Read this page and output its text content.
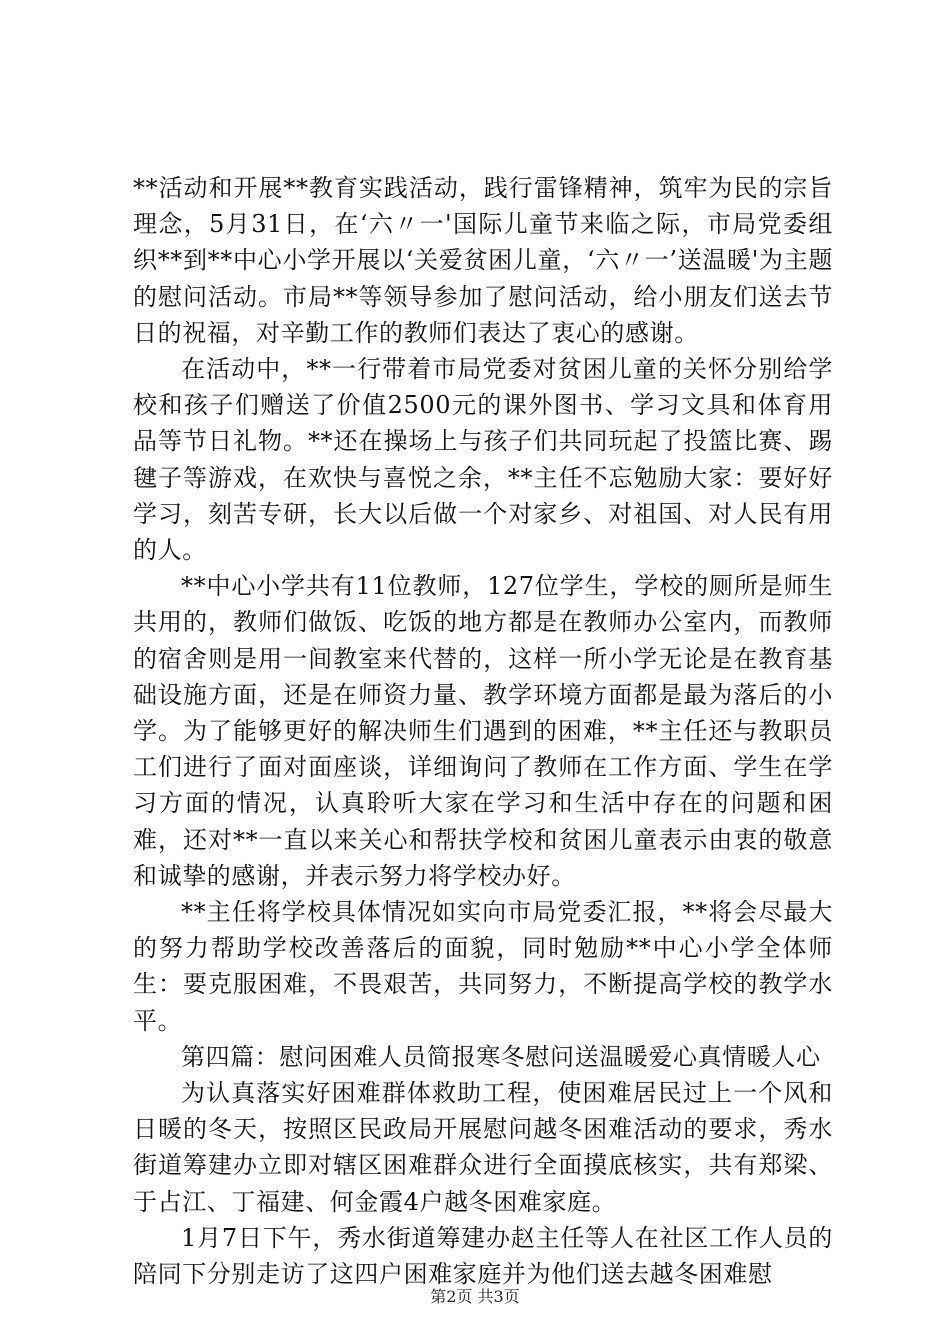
**活动和开展**教育实践活动，践行雷锋精神，筑牢为民的宗旨理念，5月31日，在‘六〃一'国际儿童节来临之际，市局党委组织**到**中心小学开展以‘关爱贫困儿童，‘六〃一’送温暖'为主题的慰问活动。市局**等领导参加了慰问活动，给小朋友们送去节日的祝福，对辛勤工作的教师们表达了衷心的感谢。

在活动中，**一行带着市局党委对贫困儿童的关怀分别给学校和孩子们赠送了价值2500元的课外图书、学习文具和体育用品等节日礼物。**还在操场上与孩子们共同玩起了投篮比赛、踢毽子等游戏，在欢快与喜悦之余，**主任不忘勉励大家：要好好学习，刻苦专研，长大以后做一个对家乡、对祖国、对人民有用的人。

**中心小学共有11位教师，127位学生，学校的厕所是师生共用的，教师们做饭、吃饭的地方都是在教师办公室内，而教师的宿舍则是用一间教室来代替的，这样一所小学无论是在教育基础设施方面，还是在师资力量、教学环境方面都是最为落后的小学。为了能够更好的解决师生们遇到的困难，**主任还与教职员工们进行了面对面座谈，详细询问了教师在工作方面、学生在学习方面的情况，认真聆听大家在学习和生活中存在的问题和困难，还对**一直以来关心和帮扶学校和贫困儿童表示由衷的敬意和诚挚的感谢，并表示努力将学校办好。

**主任将学校具体情况如实向市局党委汇报，**将会尽最大的努力帮助学校改善落后的面貌，同时勉励**中心小学全体师生：要克服困难，不畏艰苦，共同努力，不断提高学校的教学水平。

第四篇：慰问困难人员简报寒冬慰问送温暖爱心真情暖人心

为认真落实好困难群体救助工程，使困难居民过上一个风和日暖的冬天，按照区民政局开展慰问越冬困难活动的要求，秀水街道筹建办立即对辖区困难群众进行全面摸底核实，共有郑梁、于占江、丁福建、何金霞4户越冬困难家庭。

1月7日下午，秀水街道筹建办赵主任等人在社区工作人员的陪同下分别走访了这四户困难家庭并为他们送去越冬困难慰

第2页 共3页
